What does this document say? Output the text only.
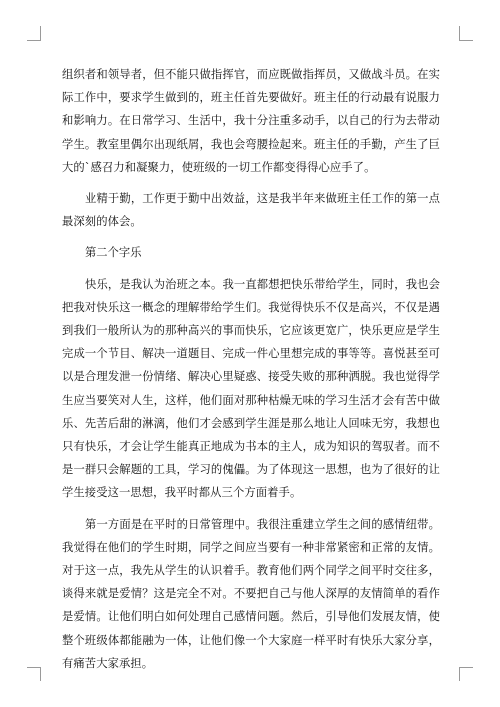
组织者和领导者，但不能只做指挥官，而应既做指挥员，又做战斗员。在实际工作中，要求学生做到的，班主任首先要做好。班主任的行动最有说服力和影响力。在日常学习、生活中，我十分注重多动手，以自己的行为去带动学生。教室里偶尔出现纸屑，我也会弯腰捡起来。班主任的手勤，产生了巨大的`感召力和凝聚力，使班级的一切工作都变得得心应手了。

业精于勤，工作更于勤中出效益，这是我半年来做班主任工作的第一点最深刻的体会。

第二个字乐

快乐，是我认为治班之本。我一直都想把快乐带给学生，同时，我也会把我对快乐这一概念的理解带给学生们。我觉得快乐不仅是高兴，不仅是遇到我们一般所认为的那种高兴的事而快乐，它应该更宽广，快乐更应是学生完成一个节目、解决一道题目、完成一件心里想完成的事等等。喜悦甚至可以是合理发泄一份情绪、解决心里疑惑、接受失败的那种洒脱。我也觉得学生应当要笑对人生，这样，他们面对那种枯燥无味的学习生活才会有苦中做乐、先苦后甜的淋漓，他们才会感到学生涯是那么地让人回味无穷，我想也只有快乐，才会让学生能真正地成为书本的主人，成为知识的驾驭者。而不是一群只会解题的工具，学习的傀儡。为了体现这一思想，也为了很好的让学生接受这一思想，我平时都从三个方面着手。

第一方面是在平时的日常管理中。我很注重建立学生之间的感情纽带。我觉得在他们的学生时期，同学之间应当要有一种非常紧密和正常的友情。对于这一点，我先从学生的认识着手。教育他们两个同学之间平时交往多，谈得来就是爱情？这是完全不对。不要把自己与他人深厚的友情简单的看作是爱情。让他们明白如何处理自己感情问题。然后，引导他们发展友情，使整个班级体都能融为一体，让他们像一个大家庭一样平时有快乐大家分享，有痛苦大家承担。
